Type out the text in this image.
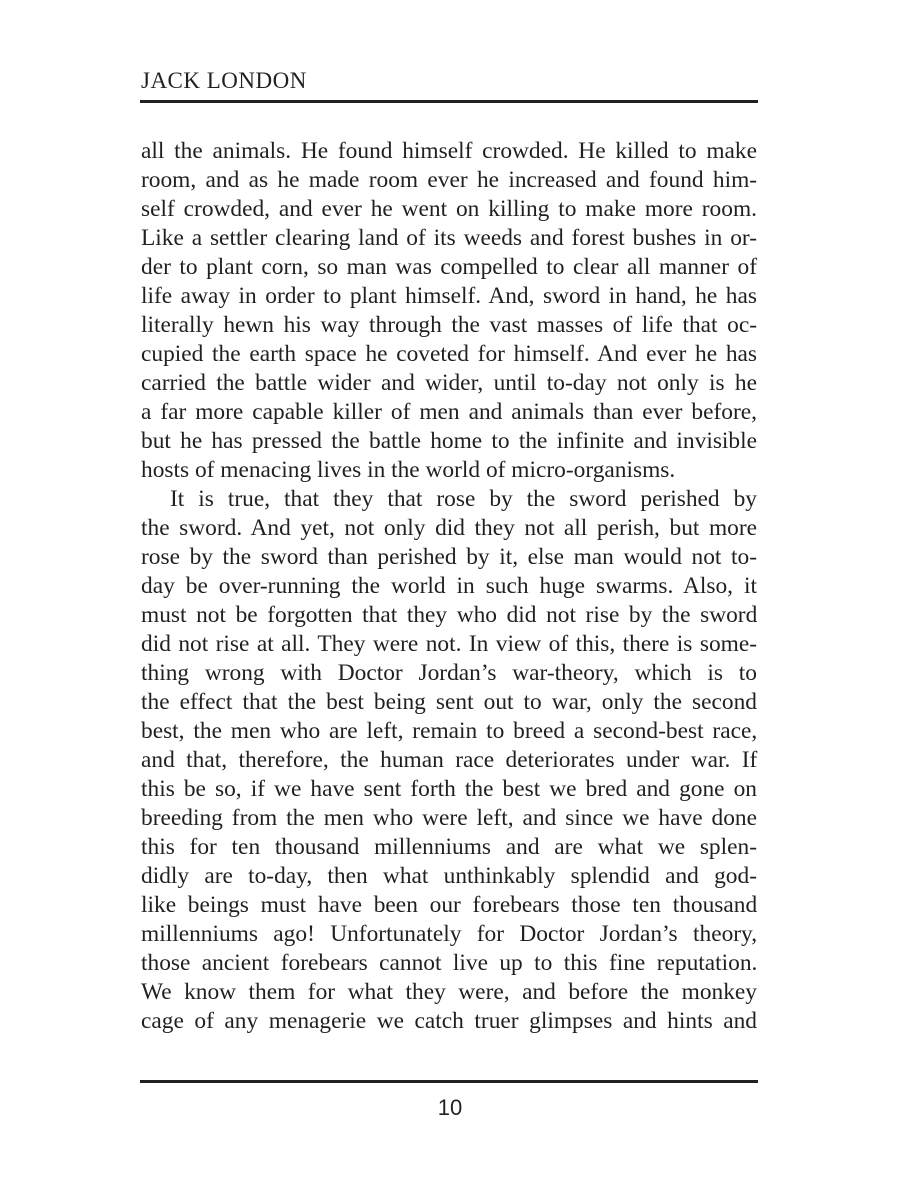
JACK LONDON

all the animals. He found himself crowded. He killed to make
room, and as he made room ever he increased and found him-
self crowded, and ever he went on killing to make more room.
Like a settler clearing land of its weeds and forest bushes in or-
der to plant corn, so man was compelled to clear all manner of
life away in order to plant himself. And, sword in hand, he has
literally hewn his way through the vast masses of life that oc-
cupied the earth space he coveted for himself. And ever he has
carried the battle wider and wider, until to-day not only is he
a far more capable killer of men and animals than ever before,
but he has pressed the battle home to the infinite and invisible
hosts of menacing lives in the world of micro-organisms.

It is true, that they that rose by the sword perished by
the sword. And yet, not only did they not all perish, but more
rose by the sword than perished by it, else man would not to-
day be over-running the world in such huge swarms. Also, it
must not be forgotten that they who did not rise by the sword
did not rise at all. They were not. In view of this, there is some-
thing wrong with Doctor Jordan’s war-theory, which is to
the effect that the best being sent out to war, only the second
best, the men who are left, remain to breed a second-best race,
and that, therefore, the human race deteriorates under war. If
this be so, if we have sent forth the best we bred and gone on
breeding from the men who were left, and since we have done
this for ten thousand millenniums and are what we splen-
didly are to-day, then what unthinkably splendid and god-
like beings must have been our forebears those ten thousand
millenniums ago! Unfortunately for Doctor Jordan’s theory,
those ancient forebears cannot live up to this fine reputation.
We know them for what they were, and before the monkey
cage of any menagerie we catch truer glimpses and hints and

10
